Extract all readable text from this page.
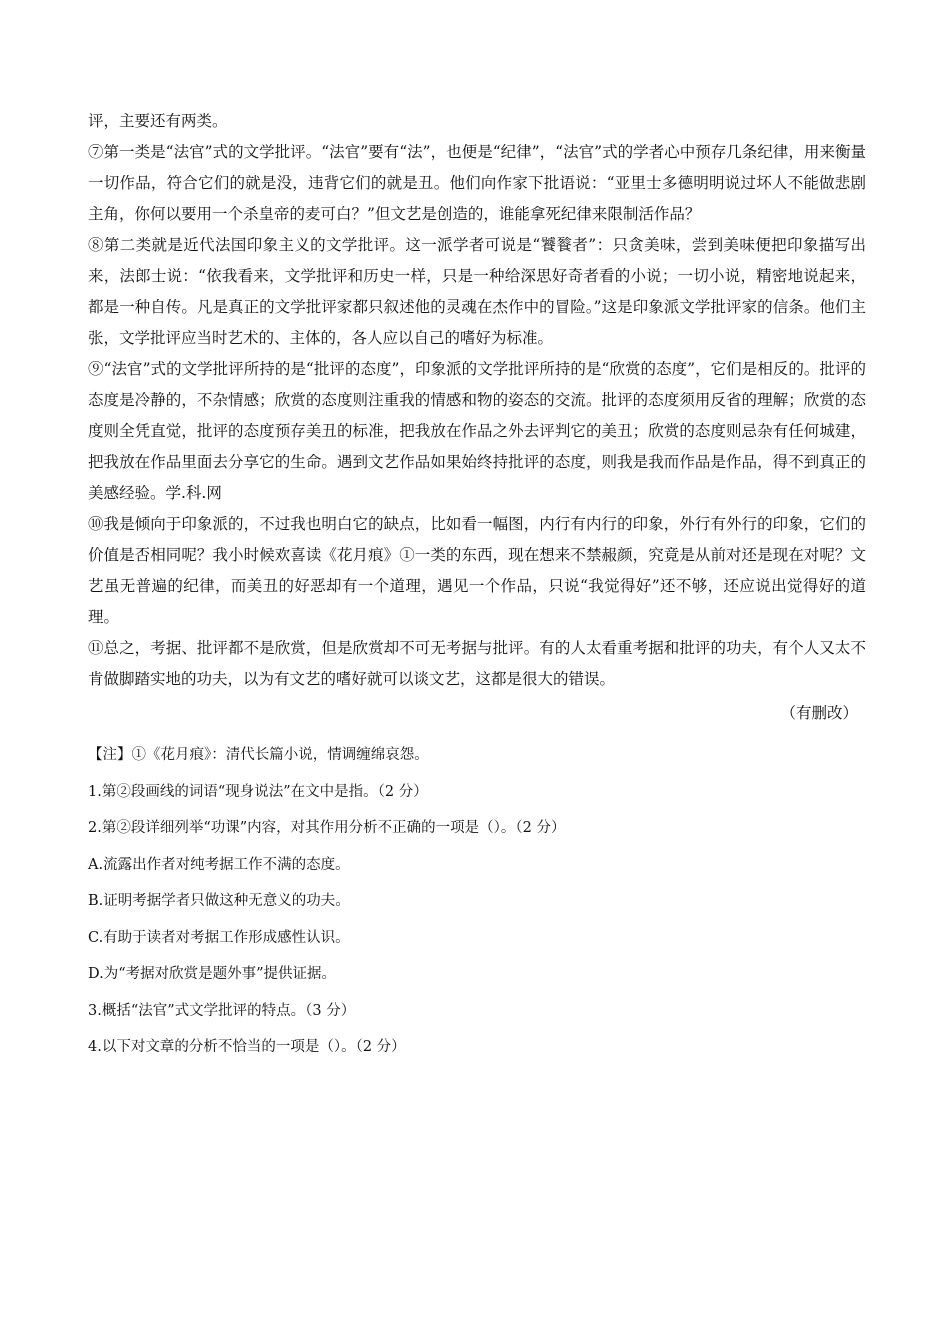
评，主要还有两类。

⑦第一类是“法官”式的文学批评。“法官”要有“法”，也便是“纪律”，“法官”式的学者心中预存几条纪律，用来衡量一切作品，符合它们的就是没，违背它们的就是丑。他们向作家下批语说：“亚里士多德明明说过坏人不能做悲剧主角，你何以要用一个杀皇帝的麦可白？”但文艺是创造的，谁能拿死纪律来限制活作品？

⑧第二类就是近代法国印象主义的文学批评。这一派学者可说是“饕餮者”：只贪美味，尝到美味便把印象描写出来，法郎士说：“依我看来，文学批评和历史一样，只是一种给深思好奇者看的小说；一切小说，精密地说起来，都是一种自传。凡是真正的文学批评家都只叙述他的灵魂在杰作中的冒险。”这是印象派文学批评家的信条。他们主张，文学批评应当时艺术的、主体的，各人应以自己的嗜好为标准。

⑨“法官”式的文学批评所持的是“批评的态度”，印象派的文学批评所持的是“欣赏的态度”，它们是相反的。批评的态度是冷静的，不杂情感；欣赏的态度则注重我的情感和物的姿态的交流。批评的态度须用反省的理解；欣赏的态度则全凭直觉，批评的态度预存美丑的标准，把我放在作品之外去评判它的美丑；欣赏的态度则忌杂有任何城建，把我放在作品里面去分享它的生命。遇到文艺作品如果始终持批评的态度，则我是我而作品是作品，得不到真正的美感经验。学.科.网

⑩我是倾向于印象派的，不过我也明白它的缺点，比如看一幅图，内行有内行的印象，外行有外行的印象，它们的价值是否相同呢？我小时候欢喜读《花月痕》①一类的东西，现在想来不禁赧颜，究竟是从前对还是现在对呢？文艺虽无普遍的纪律，而美丑的好恶却有一个道理，遇见一个作品，只说“我觉得好”还不够，还应说出觉得好的道理。

⑪总之，考据、批评都不是欣赏，但是欣赏却不可无考据与批评。有的人太看重考据和批评的功夫，有个人又太不肯做脚踏实地的功夫，以为有文艺的嗜好就可以谈文艺，这都是很大的错误。

（有删改）

【注】①《花月痕》：清代长篇小说，情调缠绵哀怨。

1.第②段画线的词语“现身说法”在文中是指。（2 分）

2.第②段详细列举“功课”内容，对其作用分析不正确的一项是（）。（2 分）

A.流露出作者对纯考据工作不满的态度。

B.证明考据学者只做这种无意义的功夫。

C.有助于读者对考据工作形成感性认识。

D.为“考据对欣赏是题外事”提供证据。

3.概括“法官”式文学批评的特点。（3 分）

4.以下对文章的分析不恰当的一项是（）。（2 分）
